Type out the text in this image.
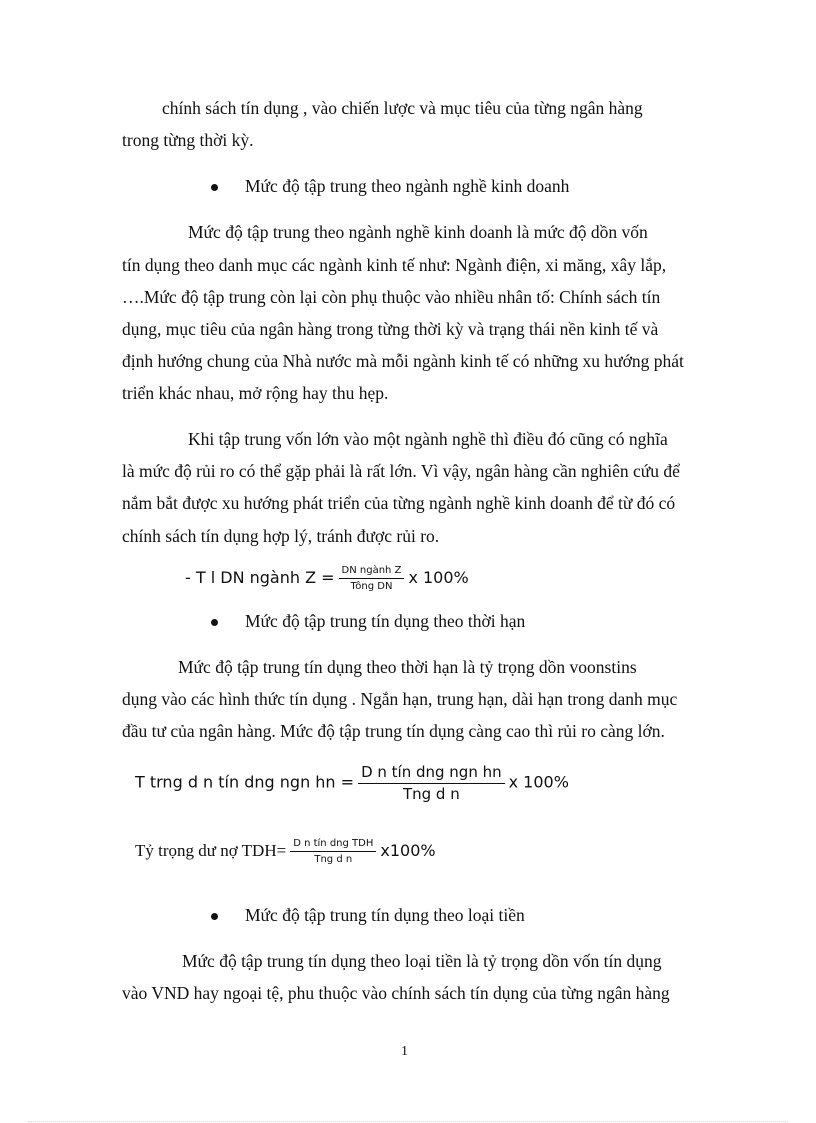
chính sách tín dụng , vào chiến lược và mục tiêu của từng ngân hàng
trong từng thời kỳ.
Mức độ tập trung theo ngành nghề kinh doanh
Mức độ tập trung theo ngành nghề kinh doanh là mức độ dồn vốn
tín dụng theo danh mục các ngành kinh tế như: Ngành điện, xi măng, xây lắp,
….Mức độ tập trung còn lại còn phụ thuộc vào nhiều nhân tố: Chính sách tín
dụng, mục tiêu của ngân hàng trong từng thời kỳ và trạng thái nền kinh tế và
định hướng chung của Nhà nước mà mỗi ngành kinh tế có những xu hướng phát
triển khác nhau, mở rộng hay thu hẹp.
Khi tập trung vốn lớn vào một ngành nghề thì điều đó cũng có nghĩa
là mức độ rủi ro có thể gặp phải là rất lớn. Vì vậy, ngân hàng cần nghiên cứu để
nắm bắt được xu hướng phát triển của từng ngành nghề kinh doanh để từ đó có
chính sách tín dụng hợp lý, tránh được rủi ro.
- T l DN ngành $Z = \frac{\text{DN ngành Z}}{\text{Tông DN}}$ x 100%
Mức độ tập trung tín dụng theo thời hạn
Mức độ tập trung tín dụng theo thời hạn là tỷ trọng dồn voonstins
dụng vào các hình thức tín dụng . Ngắn hạn, trung hạn, dài hạn trong danh mục
đầu tư của ngân hàng. Mức độ tập trung tín dụng càng cao thì rủi ro càng lớn.
T trng d n tín dng ngn hn = $\frac{\text{D n tín dng ngn hn}}{\text{Tng d n}}$ x 100%
Tỷ trọng dư nợ $TDH= \frac{\text{D n tín dng TDH}}{\text{Tng d n}} x100\%$
Mức độ tập trung tín dụng theo loại tiền
Mức độ tập trung tín dụng theo loại tiền là tỷ trọng dồn vốn tín dụng
vào VND hay ngoại tệ, phu thuộc vào chính sách tín dụng của từng ngân hàng
1
